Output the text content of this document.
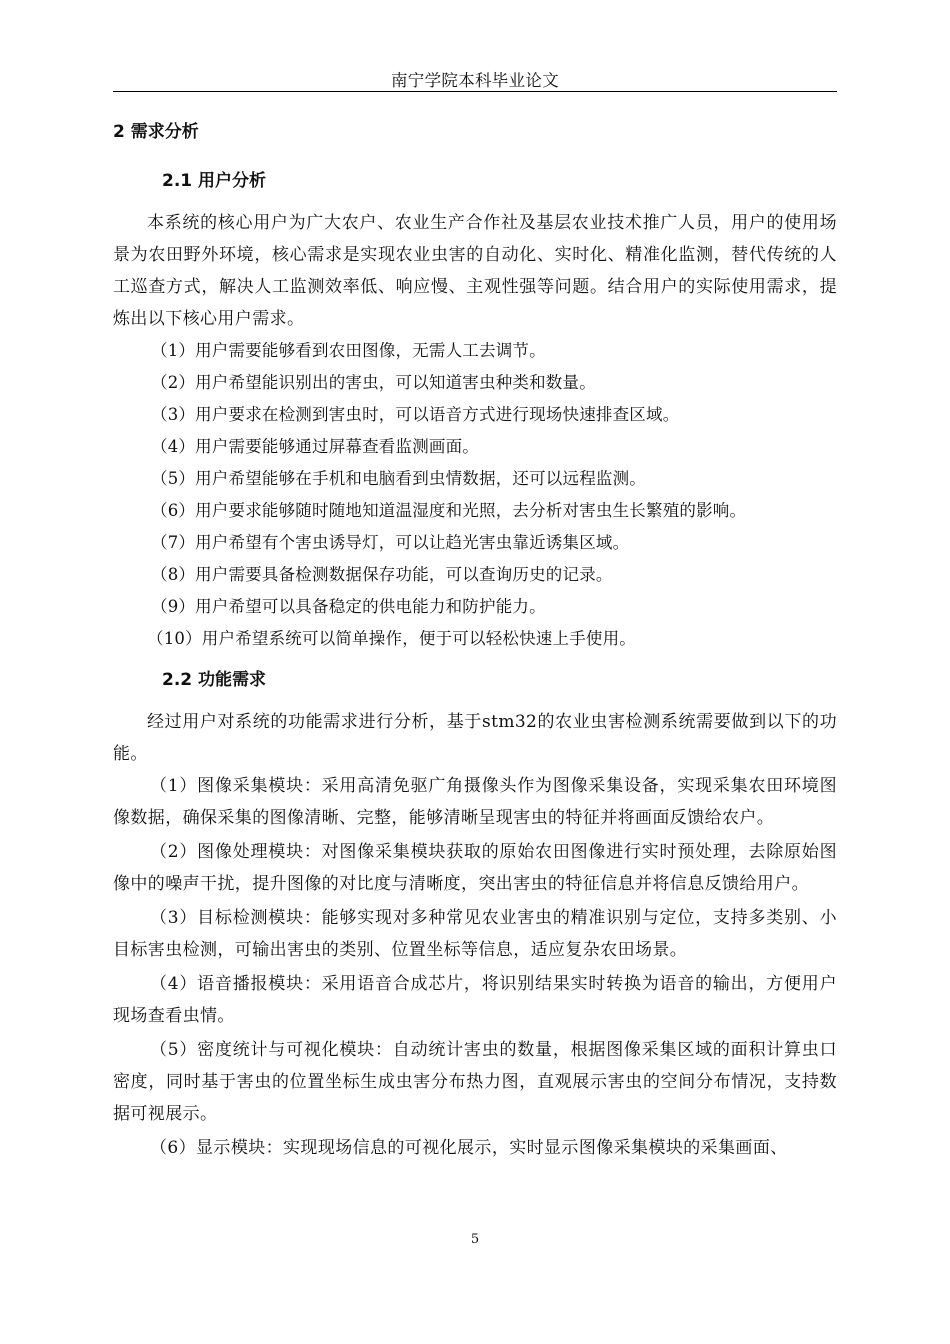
南宁学院本科毕业论文
2 需求分析
2.1 用户分析

本系统的核心用户为广大农户、农业生产合作社及基层农业技术推广人员，用户的使用场景为农田野外环境，核心需求是实现农业虫害的自动化、实时化、精准化监测，替代传统的人工巡查方式，解决人工监测效率低、响应慢、主观性强等问题。结合用户的实际使用需求，提炼出以下核心用户需求。

（1）用户需要能够看到农田图像，无需人工去调节。

（2）用户希望能识别出的害虫，可以知道害虫种类和数量。

（3）用户要求在检测到害虫时，可以语音方式进行现场快速排查区域。

（4）用户需要能够通过屏幕查看监测画面。

（5）用户希望能够在手机和电脑看到虫情数据，还可以远程监测。

（6）用户要求能够随时随地知道温湿度和光照，去分析对害虫生长繁殖的影响。

（7）用户希望有个害虫诱导灯，可以让趋光害虫靠近诱集区域。

（8）用户需要具备检测数据保存功能，可以查询历史的记录。

（9）用户希望可以具备稳定的供电能力和防护能力。

（10）用户希望系统可以简单操作，便于可以轻松快速上手使用。

2.2 功能需求

经过用户对系统的功能需求进行分析，基于stm32的农业虫害检测系统需要做到以下的功能。

（1）图像采集模块：采用高清免驱广角摄像头作为图像采集设备，实现采集农田环境图像数据，确保采集的图像清晰、完整，能够清晰呈现害虫的特征并将画面反馈给农户。

（2）图像处理模块：对图像采集模块获取的原始农田图像进行实时预处理，去除原始图像中的噪声干扰，提升图像的对比度与清晰度，突出害虫的特征信息并将信息反馈给用户。

（3）目标检测模块：能够实现对多种常见农业害虫的精准识别与定位，支持多类别、小目标害虫检测，可输出害虫的类别、位置坐标等信息，适应复杂农田场景。

（4）语音播报模块：采用语音合成芯片，将识别结果实时转换为语音的输出，方便用户现场查看虫情。

（5）密度统计与可视化模块：自动统计害虫的数量，根据图像采集区域的面积计算虫口密度，同时基于害虫的位置坐标生成虫害分布热力图，直观展示害虫的空间分布情况，支持数据可视展示。

（6）显示模块：实现现场信息的可视化展示，实时显示图像采集模块的采集画面、

5
